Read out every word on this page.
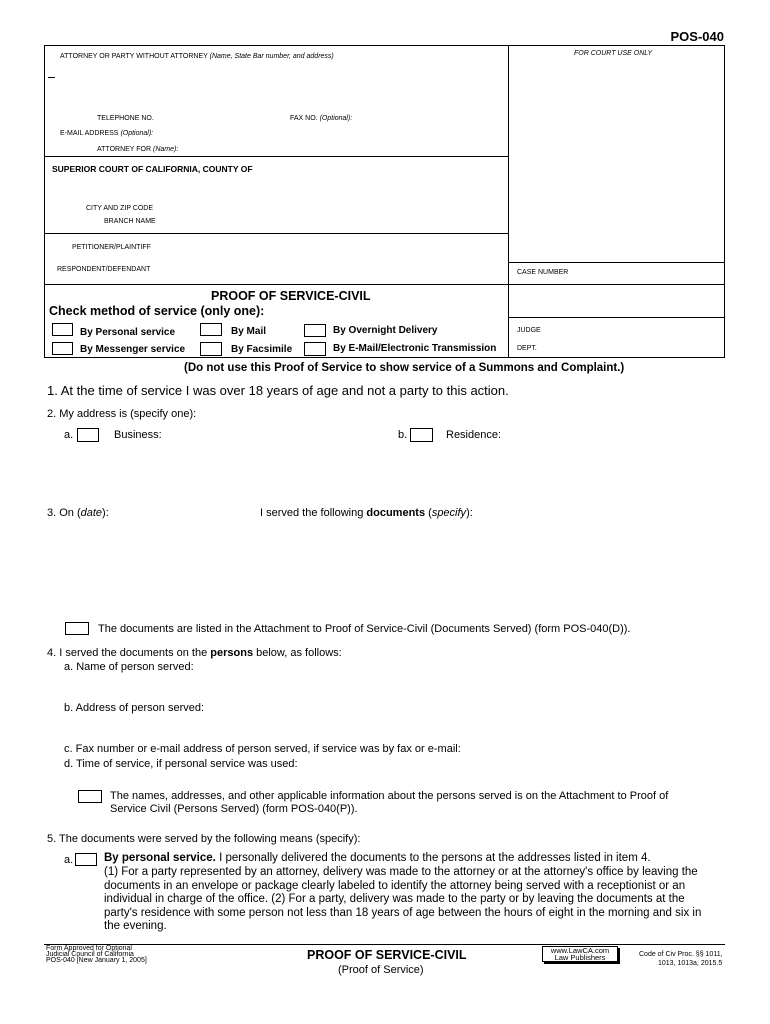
POS-040
ATTORNEY OR PARTY WITHOUT ATTORNEY (Name, State Bar number, and address)	FOR COURT USE ONLY
TELEPHONE NO.	FAX NO. (Optional):
E-MAIL ADDRESS (Optional):
ATTORNEY FOR (Name):
SUPERIOR COURT OF CALIFORNIA, COUNTY OF
CITY AND ZIP CODE
BRANCH NAME
PETITIONER/PLAINTIFF
RESPONDENT/DEFENDANT	CASE NUMBER
JUDGE
DEPT.
PROOF OF SERVICE-CIVIL
Check method of service (only one):
By Personal service	By Mail	By Overnight Delivery
By Messenger service	By Facsimile	By E-Mail/Electronic Transmission
(Do not use this Proof of Service to show service of a Summons and Complaint.)
1. At the time of service I was over 18 years of age and not a party to this action.
2. My address is (specify one):
a.	Business:	b.	Residence:
3. On (date):	I served the following documents (specify):
The documents are listed in the Attachment to Proof of Service-Civil (Documents Served) (form POS-040(D)).
4. I served the documents on the persons below, as follows:
a. Name of person served:
b. Address of person served:
c. Fax number or e-mail address of person served, if service was by fax or e-mail:
d. Time of service, if personal service was used:
The names, addresses, and other applicable information about the persons served is on the Attachment to Proof of
Service Civil (Persons Served) (form POS-040(P)).
5. The documents were served by the following means (specify):
a.	By personal service. I personally delivered the documents to the persons at the addresses listed in item 4.
(1) For a party represented by an attorney, delivery was made to the attorney or at the attorney's office by leaving the documents in an envelope or package clearly labeled to identify the attorney being served with a receptionist or an individual in charge of the office. (2) For a party, delivery was made to the party or by leaving the documents at the party's residence with some person not less than 18 years of age between the hours of eight in the morning and six in the evening.
Form Approved for Optional
Judicial Council of California
POS-040 [New January 1, 2005]	PROOF OF SERVICE-CIVIL
(Proof of Service)
www.LawCA.com
Law Publishers	Code of Civ Proc. §§ 1011,
1013, 1013a, 2015.5
